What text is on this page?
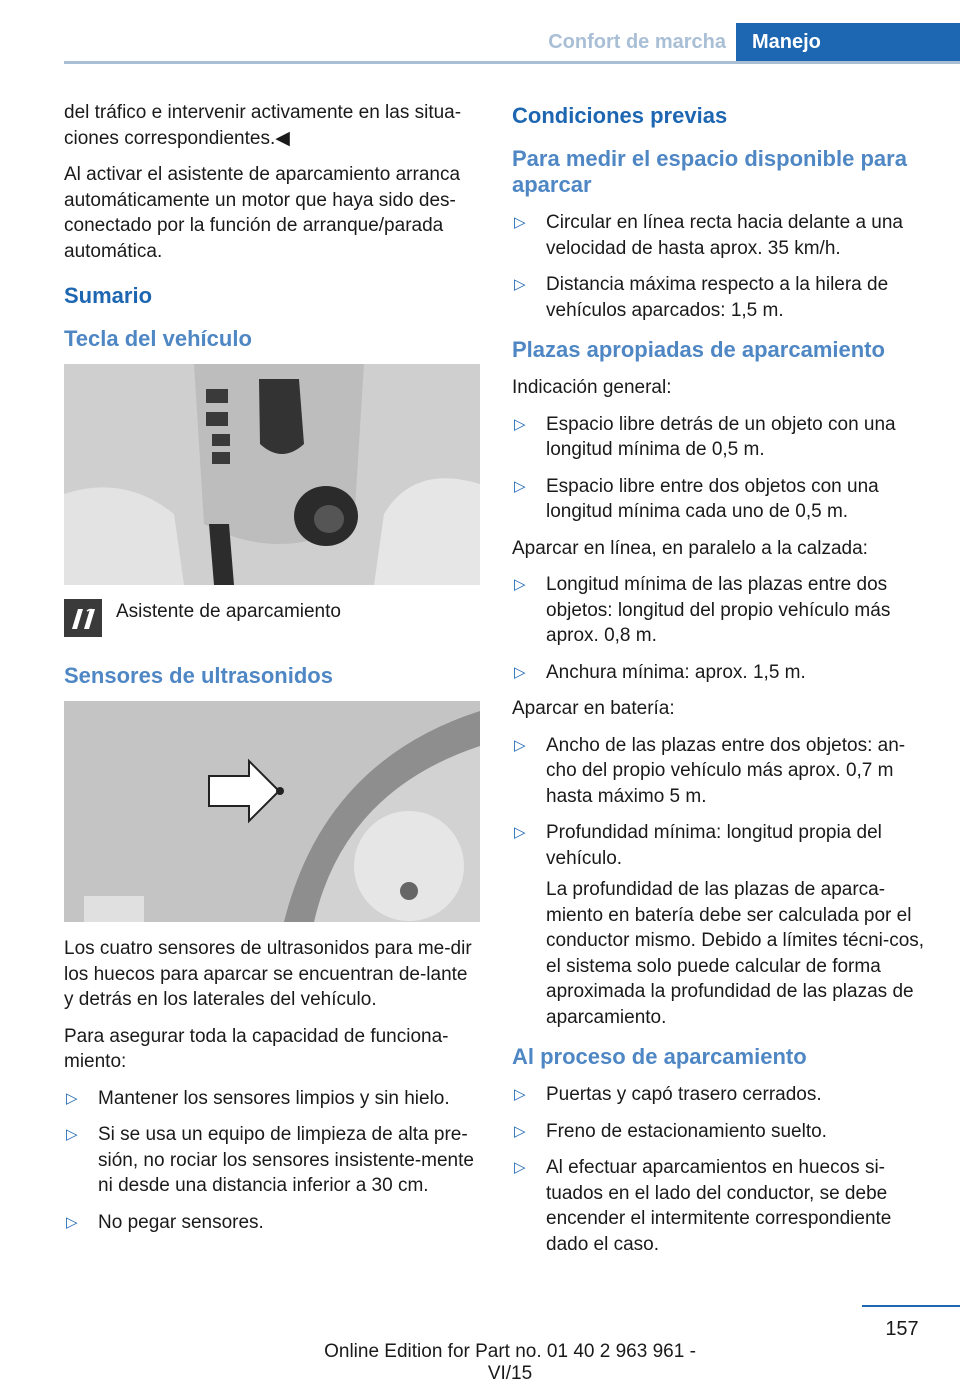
Confort de marcha	Manejo

del tráfico e intervenir activamente en las situa-ciones correspondientes.◀

Al activar el asistente de aparcamiento arranca automáticamente un motor que haya sido des-conectado por la función de arranque/parada automática.

Sumario
Tecla del vehículo
Asistente de aparcamiento
Sensores de ultrasonidos

Los cuatro sensores de ultrasonidos para me-dir los huecos para aparcar se encuentran de-lante y detrás en los laterales del vehículo.

Para asegurar toda la capacidad de funciona-miento:

▷ Mantener los sensores limpios y sin hielo.
▷ Si se usa un equipo de limpieza de alta pre-sión, no rociar los sensores insistente-mente ni desde una distancia inferior a 30 cm.
▷ No pegar sensores.
Condiciones previas
Para medir el espacio disponible para aparcar
▷ Circular en línea recta hacia delante a una velocidad de hasta aprox. 35 km/h.
▷ Distancia máxima respecto a la hilera de vehículos aparcados: 1,5 m.
Plazas apropiadas de aparcamiento

Indicación general:

▷ Espacio libre detrás de un objeto con una longitud mínima de 0,5 m.
▷ Espacio libre entre dos objetos con una longitud mínima cada uno de 0,5 m.

Aparcar en línea, en paralelo a la calzada:

▷ Longitud mínima de las plazas entre dos objetos: longitud del propio vehículo más aprox. 0,8 m.
▷ Anchura mínima: aprox. 1,5 m.

Aparcar en batería:

▷ Ancho de las plazas entre dos objetos: an-cho del propio vehículo más aprox. 0,7 m hasta máximo 5 m.
▷ Profundidad mínima: longitud propia del vehículo.

La profundidad de las plazas de aparca-miento en batería debe ser calculada por el conductor mismo. Debido a límites técni-cos, el sistema solo puede calcular de forma aproximada la profundidad de las plazas de aparcamiento.

Al proceso de aparcamiento
▷ Puertas y capó trasero cerrados.
▷ Freno de estacionamiento suelto.
▷ Al efectuar aparcamientos en huecos si-tuados en el lado del conductor, se debe encender el intermitente correspondiente dado el caso.
157
Online Edition for Part no. 01 40 2 963 961 - VI/15
